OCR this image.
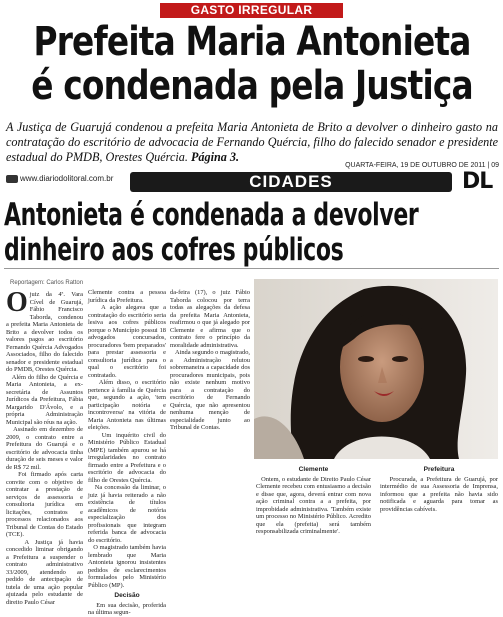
GASTO IRREGULAR
Prefeita Maria Antonieta
é condenada pela Justiça
A Justiça de Guarujá condenou a prefeita Maria Antonieta de Brito a devolver o dinheiro gasto na contratação do escritório de advocacia de Fernando Quércia, filho do falecido senador e presidente estadual do PMDB, Orestes Quércia. Página 3.
QUARTA-FEIRA, 19 DE OUTUBRO DE 2011 | 09
www.diariodolitoral.com.br	CIDADES	DL
Antonieta é condenada a devolver
dinheiro aos cofres públicos
Reportagem: Carlos Ratton
Ojuiz da 4ª. Vara Cível de Guarujá, Fábio Francisco Taborda, condenou a prefeita Maria Antonieta de Brito a devolver todos os valores pagos ao escritório Fernando Quércia Advogados Associados, filho do falecido senador e presidente estadual do PMDB, Orestes Quércia.
Além do filho de Quércia e Maria Antonieta, a ex-secretária de Assuntos Jurídicos da Prefeitura, Fábia Margarido D'Ávolo, e a própria Administração Municipal são réus na ação.
Assinado em dezembro de 2009, o contrato entre a Prefeitura do Guarujá e o escritório de advocacia tinha duração de seis meses e valor de R$ 72 mil.
Foi firmado após carta convite com o objetivo de contratar a prestação de serviços de assessoria e consultoria jurídica em licitações, contratos e processos relacionados aos Tribunal de Contas do Estado (TCE).
A Justiça já havia concedido liminar obrigando a Prefeitura a suspender o contrato administrativo 33/2009, atendendo ao pedido de antecipação de tutela de uma ação popular ajuizada pelo estudante de direito Paulo César
Clemente contra a pessoa jurídica da Prefeitura.
A ação alegava que a contratação do escritório seria lesiva aos cofres públicos porque o Município possui 18 advogados concursados, procuradores 'bem preparados' para prestar assessoria e consultoria jurídica para o qual o escritório foi contratado.
Além disso, o escritório pertence à família de Quércia que, segundo a ação, 'tem participação notória e incontroversa' na vitória de Maria Antonieta nas últimas eleições.
Um inquérito civil do Ministério Público Estadual (MPE) também apurou se há irregularidades no contrato firmado entre a Prefeitura e o escritório de advocacia do filho de Orestes Quércia.
Na concessão da liminar, o juiz já havia reiterado a não existência de títulos acadêmicos de notória especialização dos profissionais que integram referida banca de advocacia do escritório.
O magistrado também havia lembrado que Maria Antonieta ignorou insistentes pedidos de esclarecimentos formulados pelo Ministério Público (MP).
Decisão
Em sua decisão, proferida na última segun-
da-feira (17), o juiz Fábio Taborda colocou por terra todas as alegações da defesa da prefeita Maria Antonieta, reafirmou o que já alegado por Clemente e afirma que o contrato fere o princípio da moralidade administrativa.
Ainda segundo o magistrado, a Administração relutou sobremaneira a capacidade dos procuradores municipais, pois não existe nenhum motivo para a contratação do escritório de Fernando Quércia, que não apresentou nenhuma menção de especialidade junto ao Tribunal de Contas.
Clemente
Ontem, o estudante de Direito Paulo César Clemente recebeu com entusiasmo a decisão e disse que, agora, deverá entrar com nova ação criminal contra a a prefeita, por improbidade administrativa. 'Também existe um processo no Ministério Público. Acredito que ela (prefeita) será também responsabilizada criminalmente'.
Prefeitura
Procurada, a Prefeitura de Guarujá, por intermédio de sua Assessoria de Imprensa, informou que a prefeita não havia sido notificada e aguarda para tomar as providências cabíveis.
